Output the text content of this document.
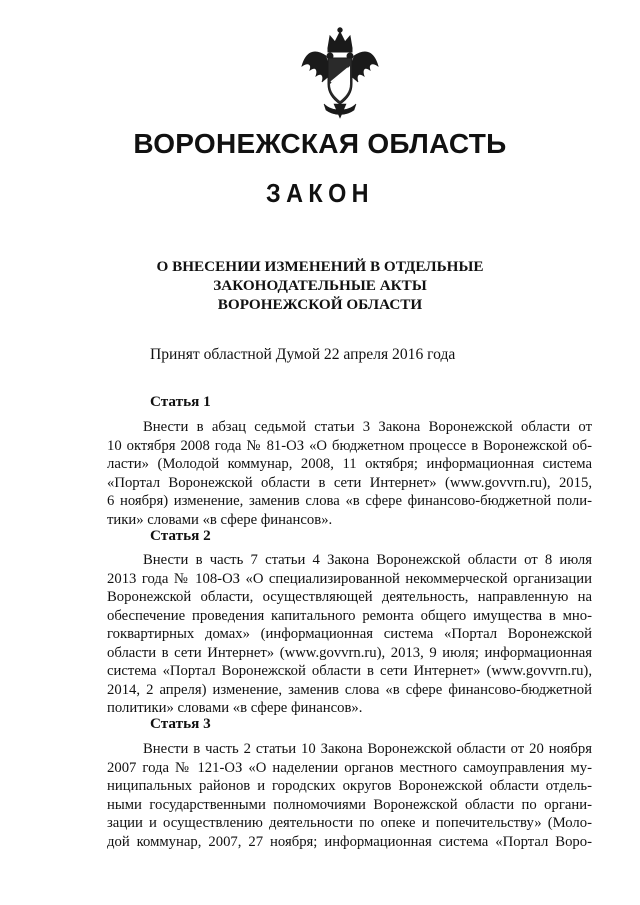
ВОРОНЕЖСКАЯ ОБЛАСТЬ
ЗАКОН
О ВНЕСЕНИИ ИЗМЕНЕНИЙ В ОТДЕЛЬНЫЕ
ЗАКОНОДАТЕЛЬНЫЕ АКТЫ
ВОРОНЕЖСКОЙ ОБЛАСТИ

Принят областной Думой 22 апреля 2016 года

Статья 1

Внести в абзац седьмой статьи 3 Закона Воронежской области от
10 октября 2008 года № 81-ОЗ «О бюджетном процессе в Воронежской об-
ласти» (Молодой коммунар, 2008, 11 октября; информационная система
«Портал Воронежской области в сети Интернет» (www.govvrn.ru), 2015,
6 ноября) изменение, заменив слова «в сфере финансово-бюджетной поли-
тики» словами «в сфере финансов».

Статья 2

Внести в часть 7 статьи 4 Закона Воронежской области от 8 июля
2013 года № 108-ОЗ «О специализированной некоммерческой организации
Воронежской области, осуществляющей деятельность, направленную на
обеспечение проведения капитального ремонта общего имущества в мно-
гоквартирных домах» (информационная система «Портал Воронежской
области в сети Интернет» (www.govvrn.ru), 2013, 9 июля; информационная
система «Портал Воронежской области в сети Интернет» (www.govvrn.ru),
2014, 2 апреля) изменение, заменив слова «в сфере финансово-бюджетной
политики» словами «в сфере финансов».

Статья 3

Внести в часть 2 статьи 10 Закона Воронежской области от 20 ноября
2007 года № 121-ОЗ «О наделении органов местного самоуправления му-
ниципальных районов и городских округов Воронежской области отдель-
ными государственными полномочиями Воронежской области по органи-
зации и осуществлению деятельности по опеке и попечительству» (Моло-
дой коммунар, 2007, 27 ноября; информационная система «Портал Воро-
